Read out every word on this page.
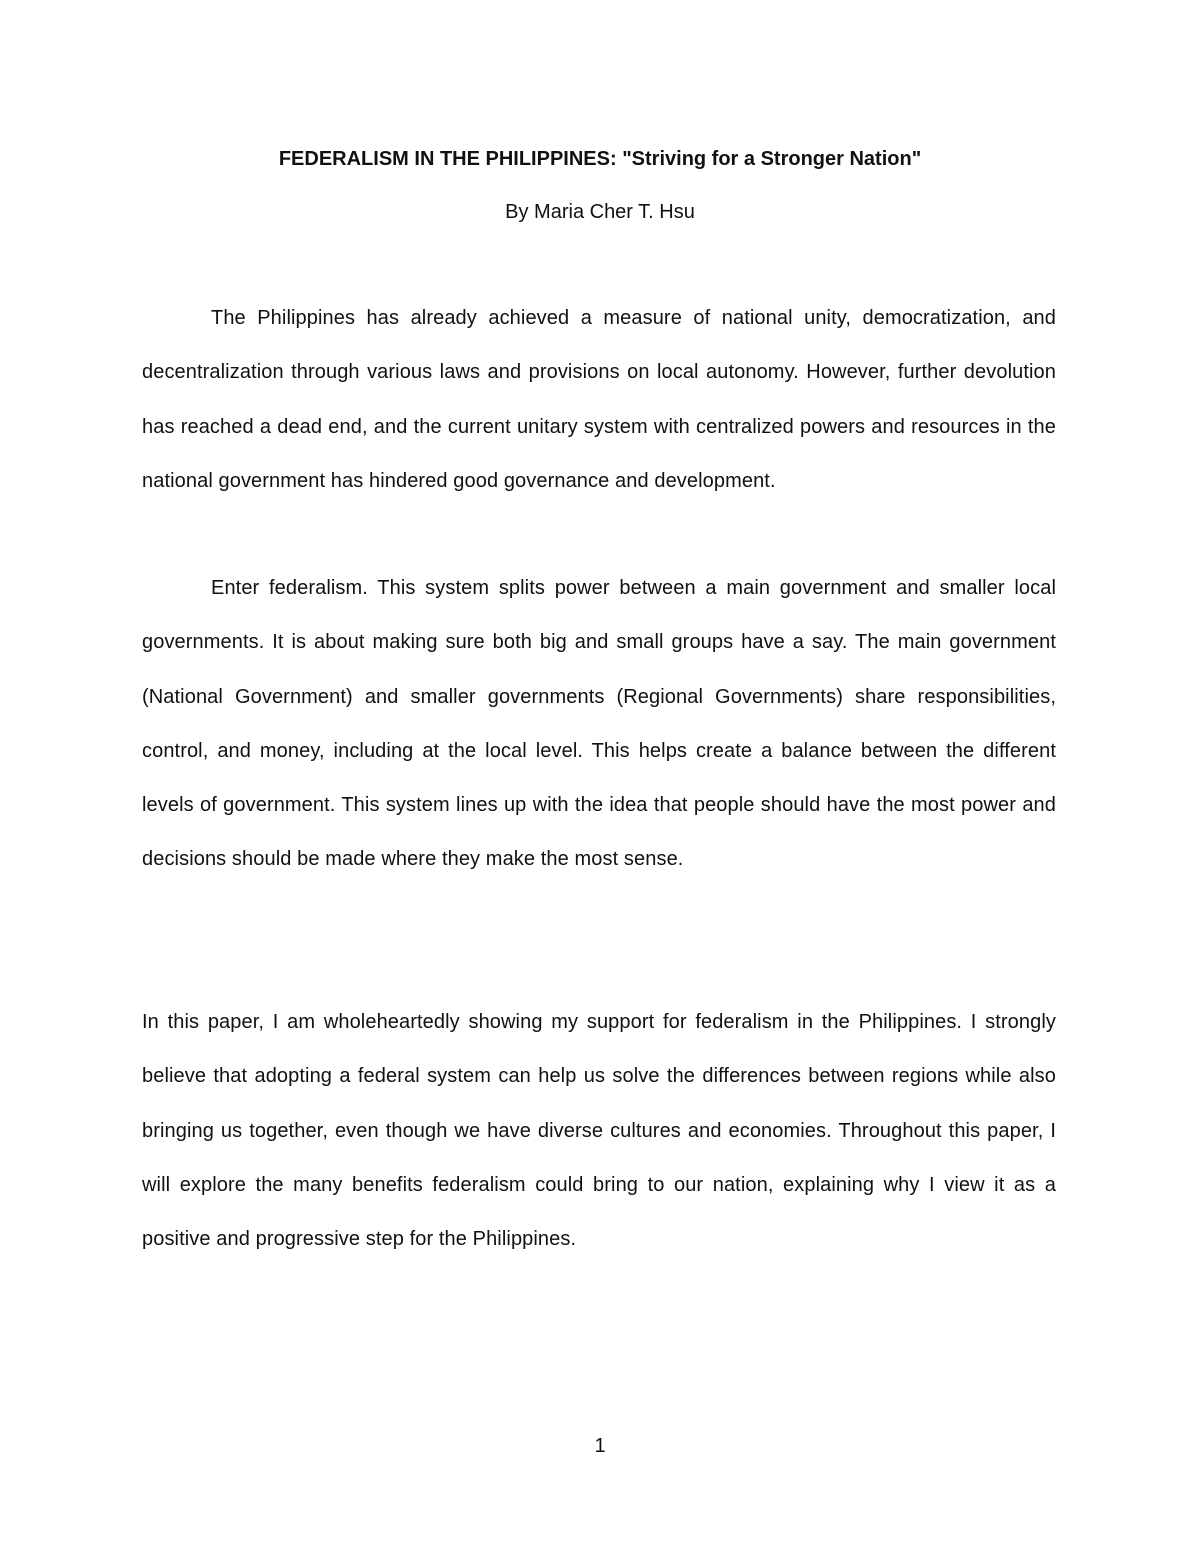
FEDERALISM IN THE PHILIPPINES: "Striving for a Stronger Nation"
By Maria Cher T. Hsu

The Philippines has already achieved a measure of national unity, democratization, and decentralization through various laws and provisions on local autonomy. However, further devolution has reached a dead end, and the current unitary system with centralized powers and resources in the national government has hindered good governance and development.

Enter federalism. This system splits power between a main government and smaller local governments. It is about making sure both big and small groups have a say. The main government (National Government) and smaller governments (Regional Governments) share responsibilities, control, and money, including at the local level. This helps create a balance between the different levels of government. This system lines up with the idea that people should have the most power and decisions should be made where they make the most sense.

In this paper, I am wholeheartedly showing my support for federalism in the Philippines. I strongly believe that adopting a federal system can help us solve the differences between regions while also bringing us together, even though we have diverse cultures and economies. Throughout this paper, I will explore the many benefits federalism could bring to our nation, explaining why I view it as a positive and progressive step for the Philippines.

1
